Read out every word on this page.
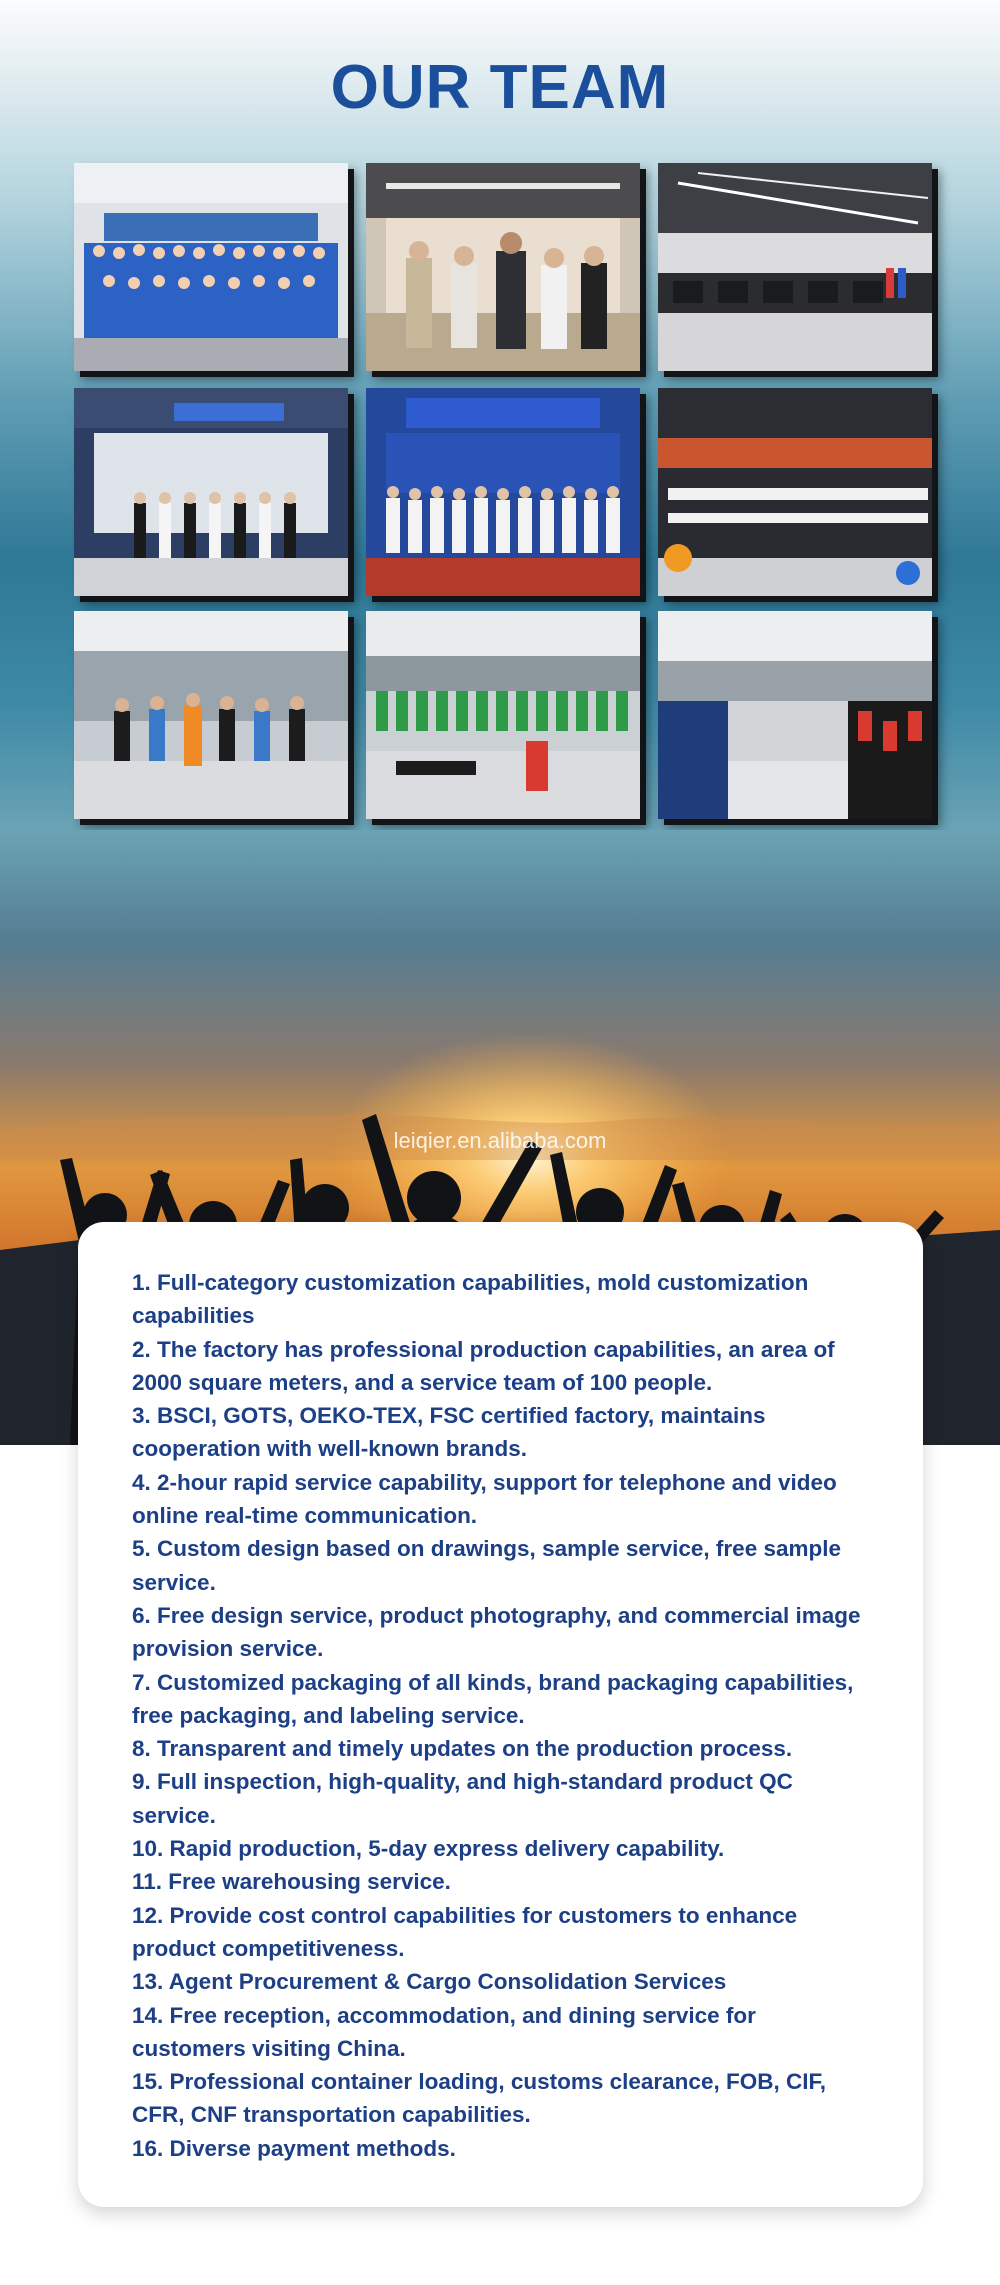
OUR TEAM
leiqier.en.alibaba.com
1. Full-category customization capabilities, mold customization capabilities
2. The factory has professional production capabilities, an area of 2000 square meters, and a service team of 100 people.
3. BSCI, GOTS, OEKO-TEX, FSC certified factory, maintains cooperation with well-known brands.
4. 2-hour rapid service capability, support for telephone and video online real-time communication.
5. Custom design based on drawings, sample service, free sample service.
6. Free design service, product photography, and commercial image provision service.
7. Customized packaging of all kinds, brand packaging capabilities, free packaging, and labeling service.
8. Transparent and timely updates on the production process.
9. Full inspection, high-quality, and high-standard product QC service.
10. Rapid production, 5-day express delivery capability.
11. Free warehousing service.
12. Provide cost control capabilities for customers to enhance product competitiveness.
13. Agent Procurement & Cargo Consolidation Services
14. Free reception, accommodation, and dining service for customers visiting China.
15. Professional container loading, customs clearance, FOB, CIF, CFR, CNF transportation capabilities.
16. Diverse payment methods.
